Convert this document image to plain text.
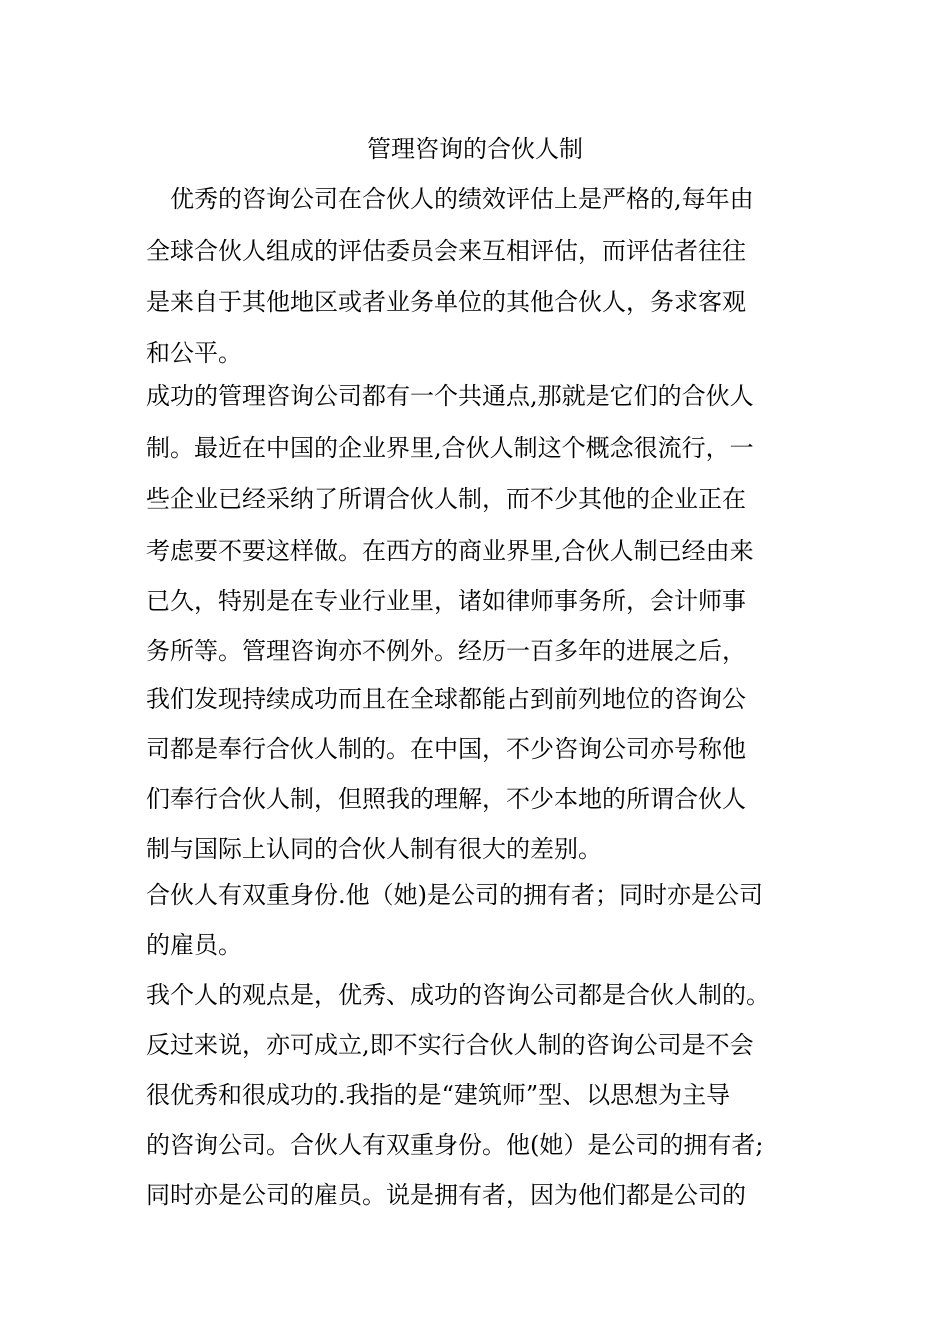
管理咨询的合伙人制
优秀的咨询公司在合伙人的绩效评估上是严格的,每年由
全球合伙人组成的评估委员会来互相评估，而评估者往往
是来自于其他地区或者业务单位的其他合伙人，务求客观
和公平。
成功的管理咨询公司都有一个共通点,那就是它们的合伙人
制。最近在中国的企业界里,合伙人制这个概念很流行，一
些企业已经采纳了所谓合伙人制，而不少其他的企业正在
考虑要不要这样做。在西方的商业界里,合伙人制已经由来
已久，特别是在专业行业里，诸如律师事务所，会计师事
务所等。管理咨询亦不例外。经历一百多年的进展之后，
我们发现持续成功而且在全球都能占到前列地位的咨询公
司都是奉行合伙人制的。在中国，不少咨询公司亦号称他
们奉行合伙人制，但照我的理解，不少本地的所谓合伙人
制与国际上认同的合伙人制有很大的差别。
合伙人有双重身份.他（她)是公司的拥有者；同时亦是公司
的雇员。
我个人的观点是，优秀、成功的咨询公司都是合伙人制的。
反过来说，亦可成立,即不实行合伙人制的咨询公司是不会
很优秀和很成功的.我指的是“建筑师”型、以思想为主导
的咨询公司。合伙人有双重身份。他(她）是公司的拥有者;
同时亦是公司的雇员。说是拥有者，因为他们都是公司的
